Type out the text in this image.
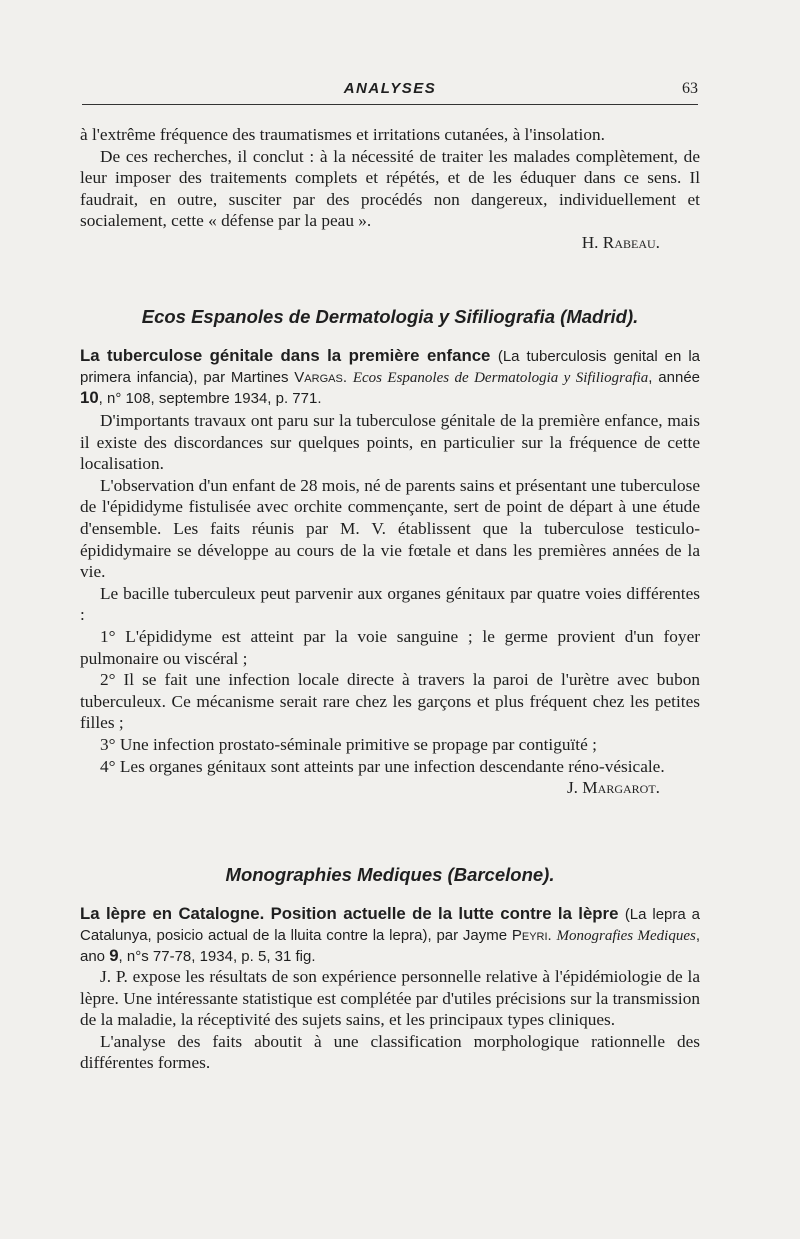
ANALYSES	63
à l'extrême fréquence des traumatismes et irritations cutanées, à l'insolation.
De ces recherches, il conclut : à la nécessité de traiter les malades complètement, de leur imposer des traitements complets et répétés, et de les éduquer dans ce sens. Il faudrait, en outre, susciter par des procédés non dangereux, individuellement et socialement, cette « défense par la peau ».
H. Rabeau.
Ecos Espanoles de Dermatologia y Sifiliografia (Madrid).
La tuberculose génitale dans la première enfance (La tuberculosis genital en la primera infancia), par Martines Vargas. Ecos Espanoles de Dermatologia y Sifiliografia, année 10, n° 108, septembre 1934, p. 771.
D'importants travaux ont paru sur la tuberculose génitale de la première enfance, mais il existe des discordances sur quelques points, en particulier sur la fréquence de cette localisation.
L'observation d'un enfant de 28 mois, né de parents sains et présentant une tuberculose de l'épididyme fistulisée avec orchite commençante, sert de point de départ à une étude d'ensemble. Les faits réunis par M. V. établissent que la tuberculose testiculo-épididymaire se développe au cours de la vie fœtale et dans les premières années de la vie.
Le bacille tuberculeux peut parvenir aux organes génitaux par quatre voies différentes :
1° L'épididyme est atteint par la voie sanguine ; le germe provient d'un foyer pulmonaire ou viscéral ;
2° Il se fait une infection locale directe à travers la paroi de l'urètre avec bubon tuberculeux. Ce mécanisme serait rare chez les garçons et plus fréquent chez les petites filles ;
3° Une infection prostato-séminale primitive se propage par contiguïté ;
4° Les organes génitaux sont atteints par une infection descendante réno-vésicale.
J. Margarot.
Monographies Mediques (Barcelone).
La lèpre en Catalogne. Position actuelle de la lutte contre la lèpre (La lepra a Catalunya, posicio actual de la lluita contre la lepra), par Jayme Peyri. Monografies Mediques, ano 9, n°s 77-78, 1934, p. 5, 31 fig.
J. P. expose les résultats de son expérience personnelle relative à l'épidémiologie de la lèpre. Une intéressante statistique est complétée par d'utiles précisions sur la transmission de la maladie, la réceptivité des sujets sains, et les principaux types cliniques.
L'analyse des faits aboutit à une classification morphologique rationnelle des différentes formes.
